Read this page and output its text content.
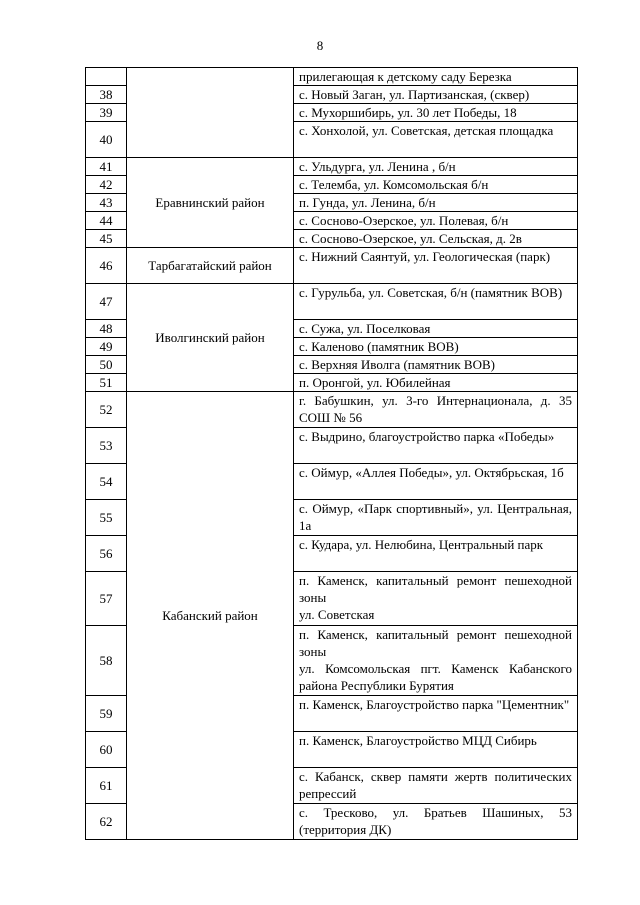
8
		прилегающая к детскому саду Березка
38		с. Новый Заган, ул. Партизанская, (сквер)
39		с. Мухоршибирь, ул. 30 лет Победы, 18
40		с. Хонхолой, ул. Советская, детская площадка
41	Еравнинский район	с. Ульдурга, ул. Ленина , б/н
42		с. Телемба, ул. Комсомольская б/н
43		п. Гунда, ул. Ленина, б/н
44		с. Сосново-Озерское, ул. Полевая, б/н
45		с. Сосново-Озерское, ул. Сельская, д. 2в
46	Тарбагатайский район	с. Нижний Саянтуй, ул. Геологическая (парк)
47	Иволгинский район	с. Гурульба, ул. Советская, б/н (памятник ВОВ)
48		с. Сужа, ул. Поселковая
49		с. Каленово (памятник ВОВ)
50		с. Верхняя Иволга (памятник ВОВ)
51		п. Оронгой, ул. Юбилейная
52	Кабанский район	г. Бабушкин, ул. 3-го Интернационала, д. 35 СОШ № 56
53		с. Выдрино, благоустройство парка «Победы»
54		с. Оймур, «Аллея Победы», ул. Октябрьская, 1б
55		с. Оймур, «Парк спортивный», ул. Центральная, 1а
56		с. Кудара, ул. Нелюбина, Центральный парк
57		п. Каменск, капитальный ремонт пешеходной зоны
ул. Советская

58		п. Каменск, капитальный ремонт пешеходной зоны
ул. Комсомольская пгт. Каменск Кабанского района Республики Бурятия

59		п. Каменск, Благоустройство парка "Цементник"
60		п. Каменск, Благоустройство МЦД Сибирь
61		с. Кабанск, сквер памяти жертв политических репрессий
62		с. Тресково, ул. Братьев Шашиных, 53 (территория ДК)
